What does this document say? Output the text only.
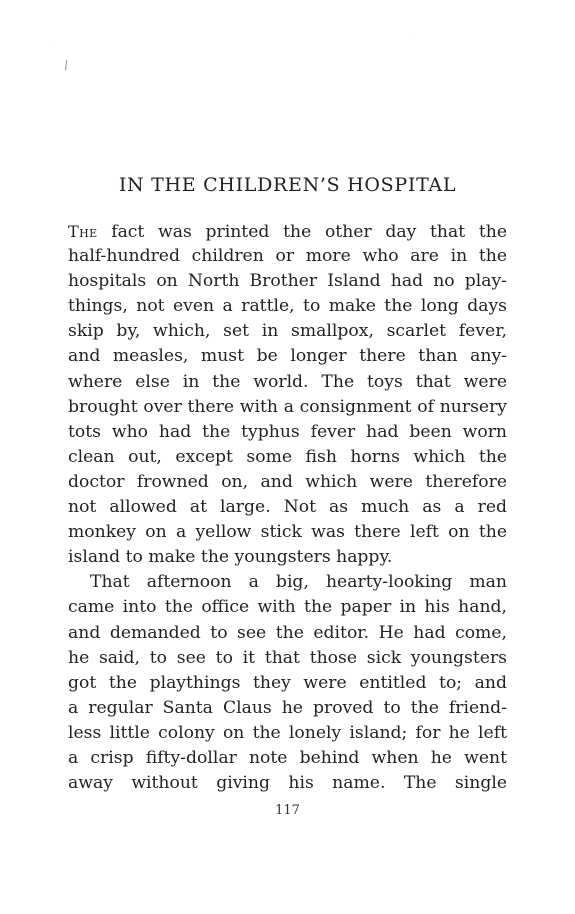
/
·
·
IN THE CHILDREN’S HOSPITAL
The fact was printed the other day that the
half-hundred children or more who are in the
hospitals on North Brother Island had no play-
things, not even a rattle, to make the long days
skip by, which, set in smallpox, scarlet fever,
and measles, must be longer there than any-
where else in the world. The toys that were
brought over there with a consignment of nursery
tots who had the typhus fever had been worn
clean out, except some fish horns which the
doctor frowned on, and which were therefore
not allowed at large. Not as much as a red
monkey on a yellow stick was there left on the
island to make the youngsters happy.
That afternoon a big, hearty-looking man
came into the office with the paper in his hand,
and demanded to see the editor. He had come,
he said, to see to it that those sick youngsters
got the playthings they were entitled to; and
a regular Santa Claus he proved to the friend-
less little colony on the lonely island; for he left
a crisp fifty-dollar note behind when he went
away without giving his name. The single
117
